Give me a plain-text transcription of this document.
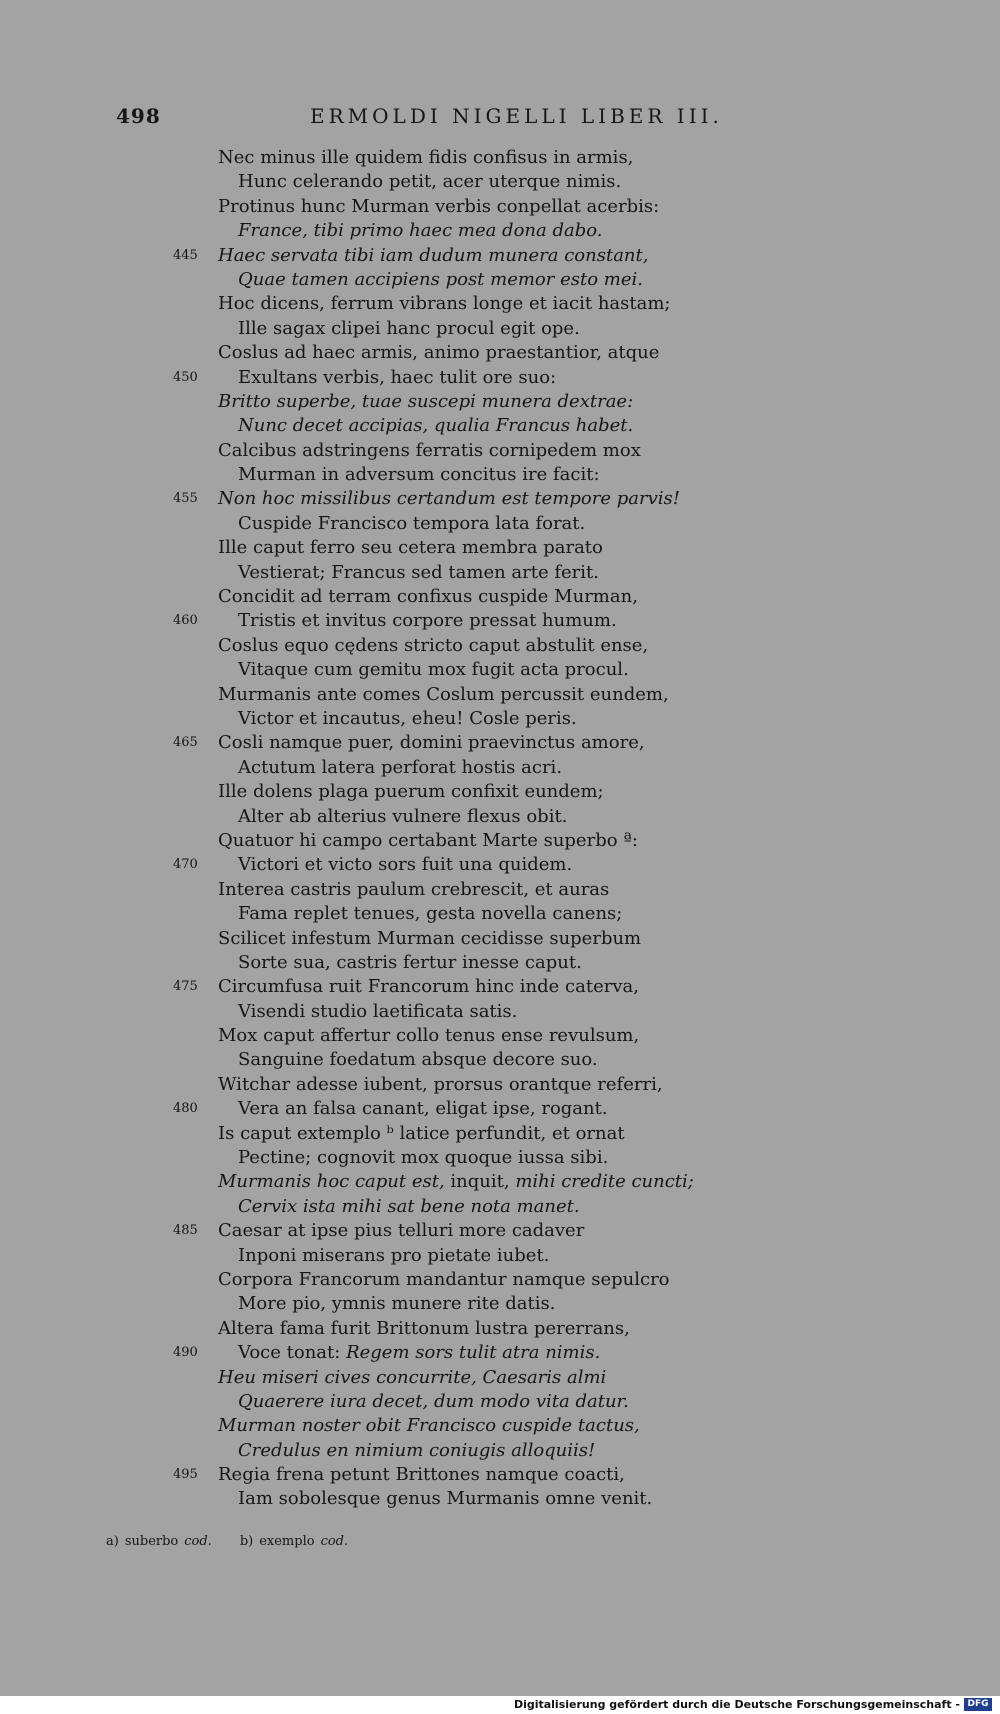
498	ERMOLDI NIGELLI LIBER III.
Nec minus ille quidem fidis confisus in armis,
Hunc celerando petit, acer uterque nimis.
Protinus hunc Murman verbis conpellat acerbis:
France, tibi primo haec mea dona dabo.
445 Haec servata tibi iam dudum munera constant,
Quae tamen accipiens post memor esto mei.
Hoc dicens, ferrum vibrans longe et iacit hastam;
Ille sagax clipei hanc procul egit ope.
Coslus ad haec armis, animo praestantior, atque
450 Exultans verbis, haec tulit ore suo:
Britto superbe, tuae suscepi munera dextrae:
Nunc decet accipias, qualia Francus habet.
Calcibus adstringens ferratis cornipedem mox
Murman in adversum concitus ire facit:
455 Non hoc missilibus certandum est tempore parvis!
Cuspide Francisco tempora lata forat.
Ille caput ferro seu cetera membra parato
Vestierat; Francus sed tamen arte ferit.
Concidit ad terram confixus cuspide Murman,
460 Tristis et invitus corpore pressat humum.
Coslus equo cędens stricto caput abstulit ense,
Vitaque cum gemitu mox fugit acta procul.
Murmanis ante comes Coslum percussit eundem,
Victor et incautus, eheu! Cosle peris.
465 Cosli namque puer, domini praevinctus amore,
Actutum latera perforat hostis acri.
Ille dolens plaga puerum confixit eundem;
Alter ab alterius vulnere flexus obit.
Quatuor hi campo certabant Marte superbo ª:
470 Victori et victo sors fuit una quidem.
Interea castris paulum crebrescit, et auras
Fama replet tenues, gesta novella canens;
Scilicet infestum Murman cecidisse superbum
Sorte sua, castris fertur inesse caput.
475 Circumfusa ruit Francorum hinc inde caterva,
Visendi studio laetificata satis.
Mox caput affertur collo tenus ense revulsum,
Sanguine foedatum absque decore suo.
Witchar adesse iubent, prorsus orantque referri,
480 Vera an falsa canant, eligat ipse, rogant.
Is caput extemplo ᵇ latice perfundit, et ornat
Pectine; cognovit mox quoque iussa sibi.
Murmanis hoc caput est, inquit, mihi credite cuncti;
Cervix ista mihi sat bene nota manet.
485 Caesar at ipse pius telluri more cadaver
Inponi miserans pro pietate iubet.
Corpora Francorum mandantur namque sepulcro
More pio, ymnis munere rite datis.
Altera fama furit Brittonum lustra pererrans,
490 Voce tonat: Regem sors tulit atra nimis.
Heu miseri cives concurrite, Caesaris almi
Quaerere iura decet, dum modo vita datur.
Murman noster obit Francisco cuspide tactus,
Credulus en nimium coniugis alloquiis!
495 Regia frena petunt Brittones namque coacti,
Iam sobolesque genus Murmanis omne venit.
a) suberbo cod. b) exemplo cod.
Digitalisierung gefördert durch die Deutsche Forschungsgemeinschaft - DFG
